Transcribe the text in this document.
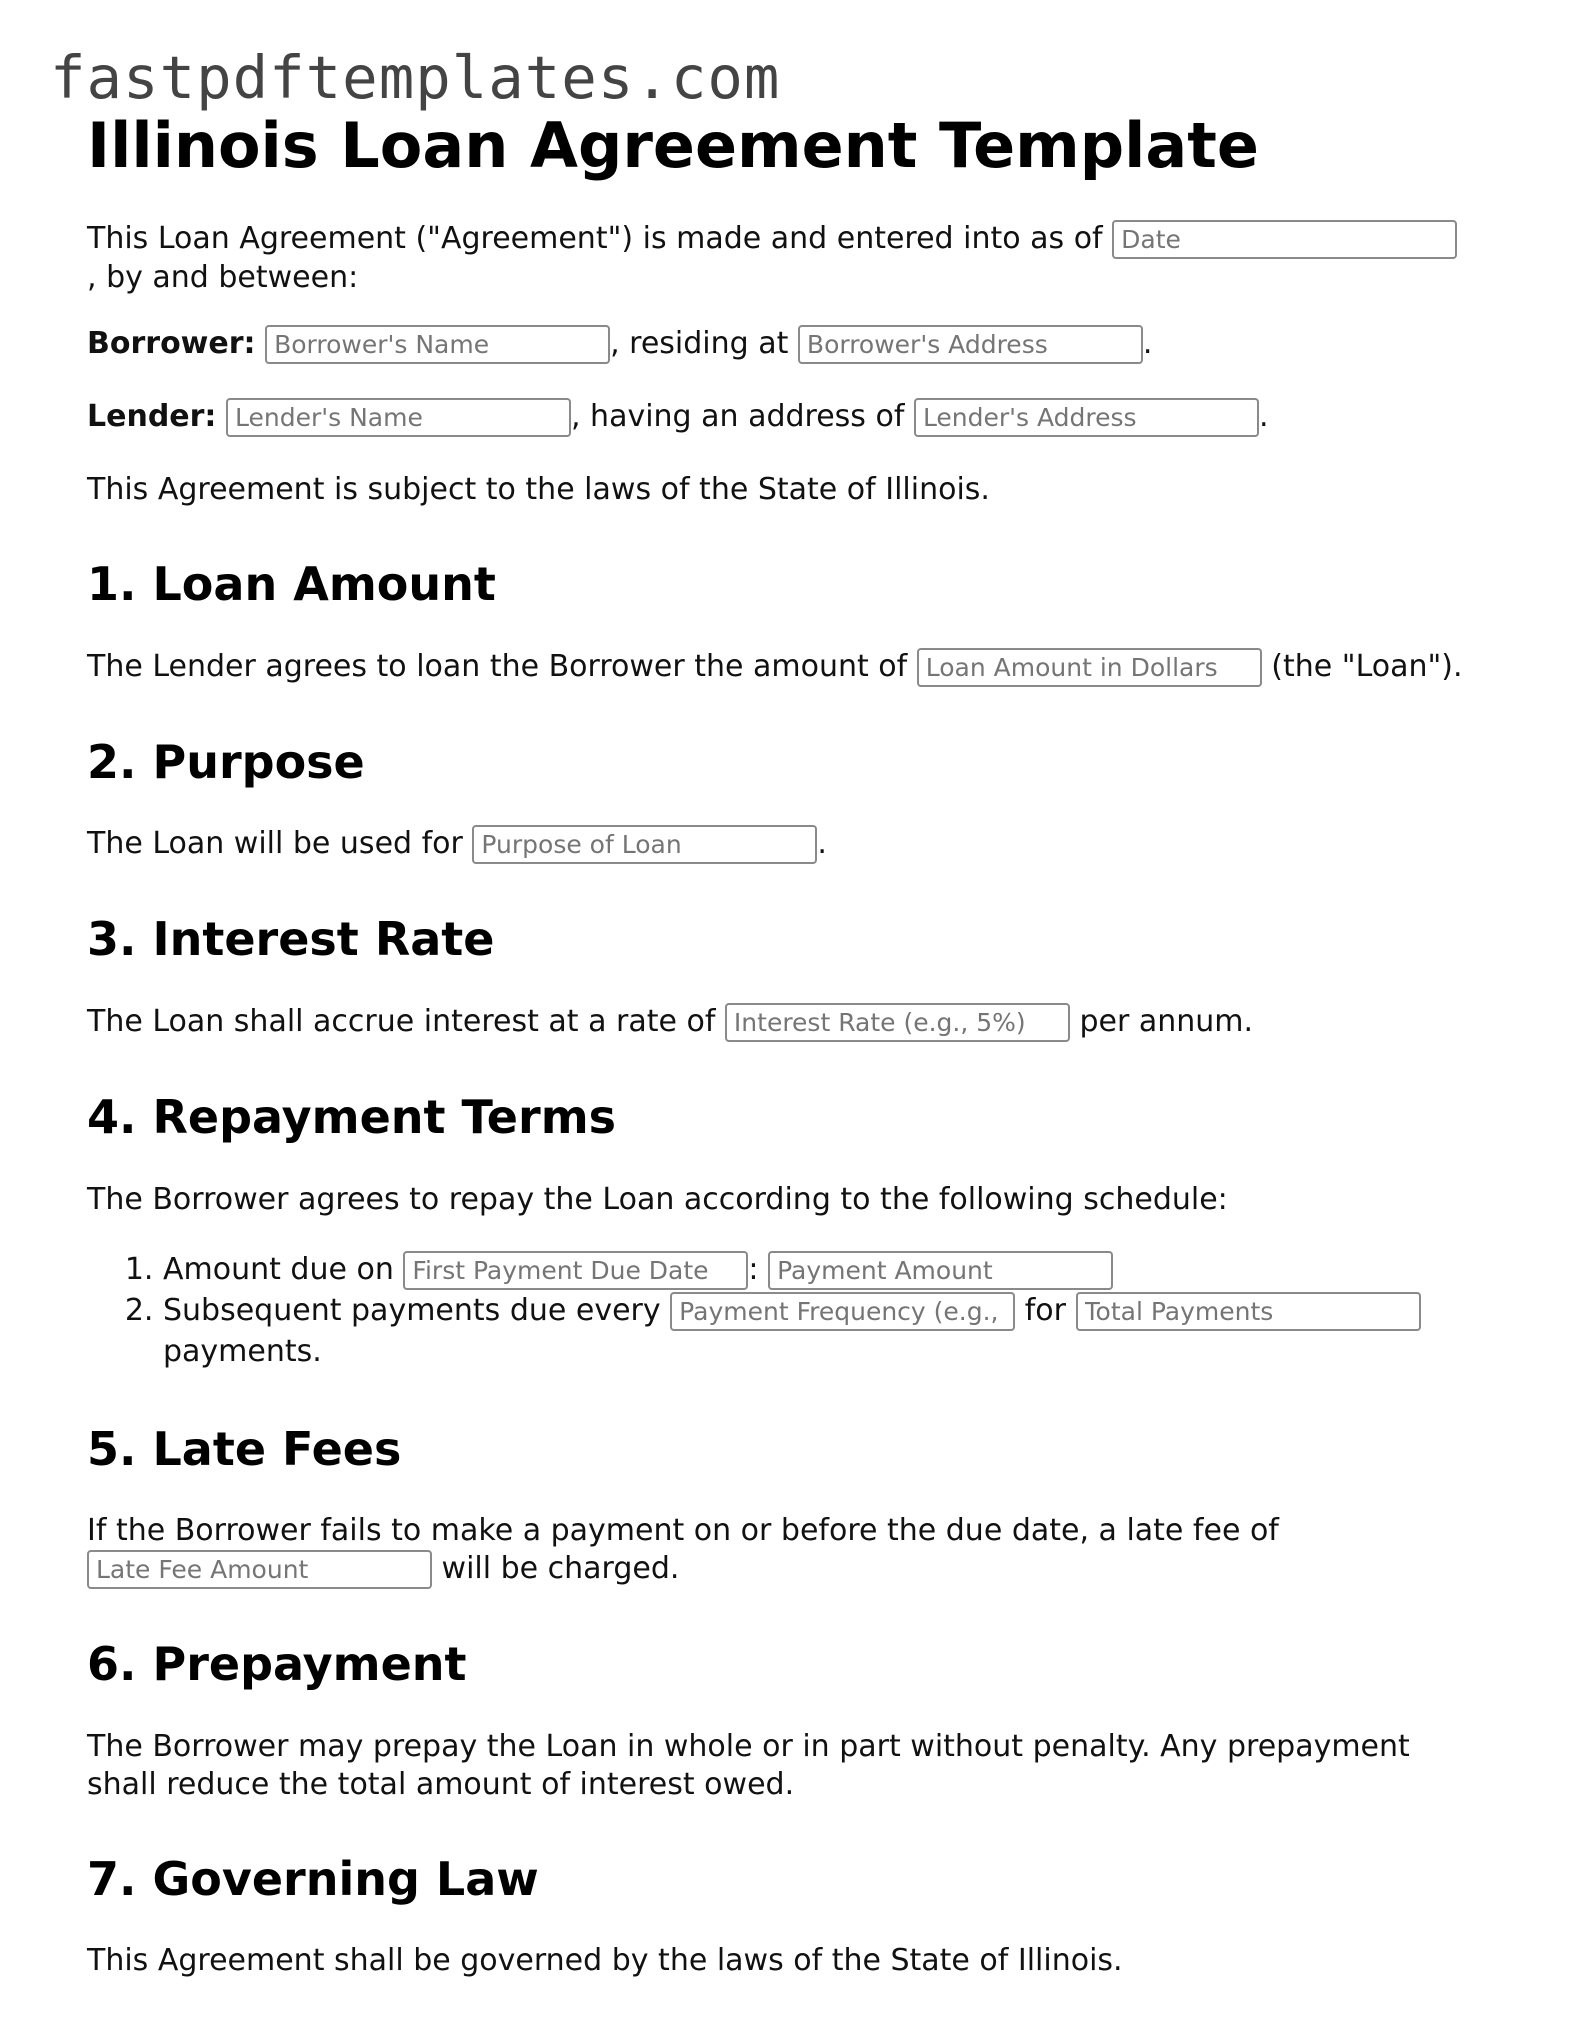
fastpdftemplates.com
Illinois Loan Agreement Template

This Loan Agreement ("Agreement") is made and entered into as of Date
, by and between:

Borrower: Borrower's Name	, residing at Borrower's Address	.

Lender: Lender's Name	, having an address of Lender's Address	.

This Agreement is subject to the laws of the State of Illinois.

1. Loan Amount

The Lender agrees to loan the Borrower the amount of Loan Amount in Dollars	(the "Loan").

2. Purpose

The Loan will be used for Purpose of Loan	.

3. Interest Rate

The Loan shall accrue interest at a rate of Interest Rate (e.g., 5%)	per annum.

4. Repayment Terms

The Borrower agrees to repay the Loan according to the following schedule:

1. Amount due on First Payment Due Date	: Payment Amount
2. Subsequent payments due every Payment Frequency (e.g., monthly)	for Total Payments
payments.
5. Late Fees

If the Borrower fails to make a payment on or before the due date, a late fee of
Late Fee Amount will be charged.

6. Prepayment

The Borrower may prepay the Loan in whole or in part without penalty. Any prepayment shall reduce the total amount of interest owed.

7. Governing Law

This Agreement shall be governed by the laws of the State of Illinois.
